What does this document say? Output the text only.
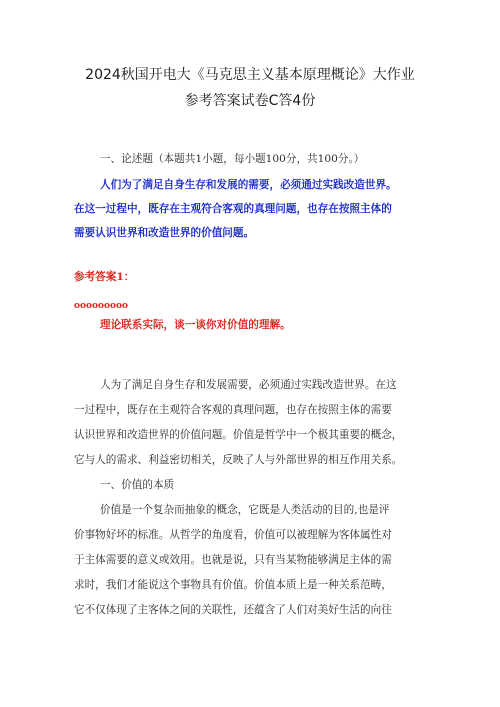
2024秋国开电大《马克思主义基本原理概论》大作业
参考答案试卷C答4份
一、论述题（本题共1小题，每小题100分，共100分。）
人们为了满足自身生存和发展的需要，必须通过实践改造世界。
在这一过程中，既存在主观符合客观的真理问题，也存在按照主体的
需要认识世界和改造世界的价值问题。
参考答案1：
ooooooooo
理论联系实际，谈一谈你对价值的理解。
人为了满足自身生存和发展需要，必须通过实践改造世界。在这
一过程中，既存在主观符合客观的真理问题，也存在按照主体的需要
认识世界和改造世界的价值问题。价值是哲学中一个极其重要的概念，
它与人的需求、利益密切相关，反映了人与外部世界的相互作用关系。
一、价值的本质
价值是一个复杂而抽象的概念，它既是人类活动的目的,也是评
价事物好坏的标准。从哲学的角度看，价值可以被理解为客体属性对
于主体需要的意义或效用。也就是说，只有当某物能够满足主体的需
求时，我们才能说这个事物具有价值。价值本质上是一种关系范畴，
它不仅体现了主客体之间的关联性，还蕴含了人们对美好生活的向往
